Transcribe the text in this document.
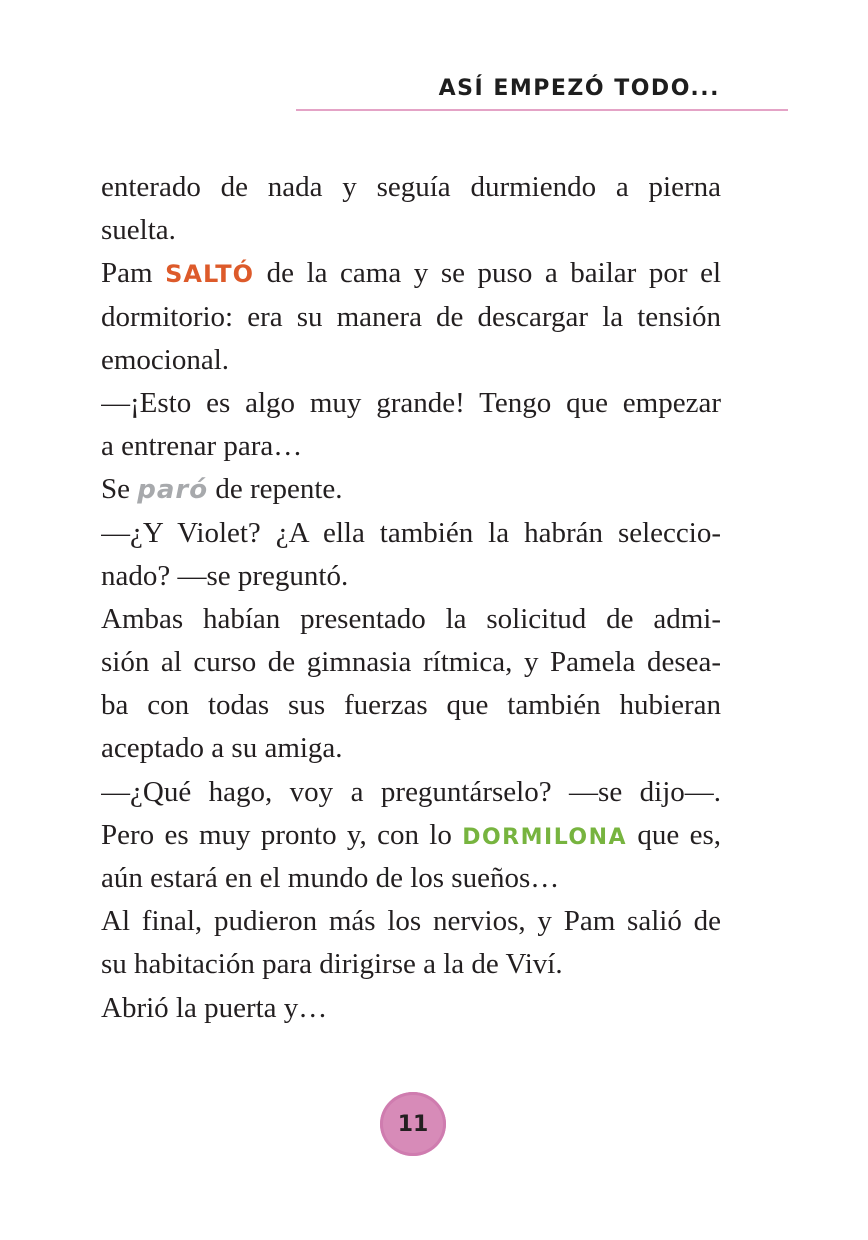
ASÍ EMPEZÓ TODO...
enterado de nada y seguía durmiendo a pierna
suelta.
Pam SALTÓ de la cama y se puso a bailar por el
dormitorio: era su manera de descargar la tensión
emocional.
—¡Esto es algo muy grande! Tengo que empezar
a entrenar para…
Se paró de repente.
—¿Y Violet? ¿A ella también la habrán seleccio-
nado? —se preguntó.
Ambas habían presentado la solicitud de admi-
sión al curso de gimnasia rítmica, y Pamela desea-
ba con todas sus fuerzas que también hubieran
aceptado a su amiga.
—¿Qué hago, voy a preguntárselo? —se dijo—.
Pero es muy pronto y, con lo DORMILONA que es,
aún estará en el mundo de los sueños…
Al final, pudieron más los nervios, y Pam salió de
su habitación para dirigirse a la de Viví.
Abrió la puerta y…
11
